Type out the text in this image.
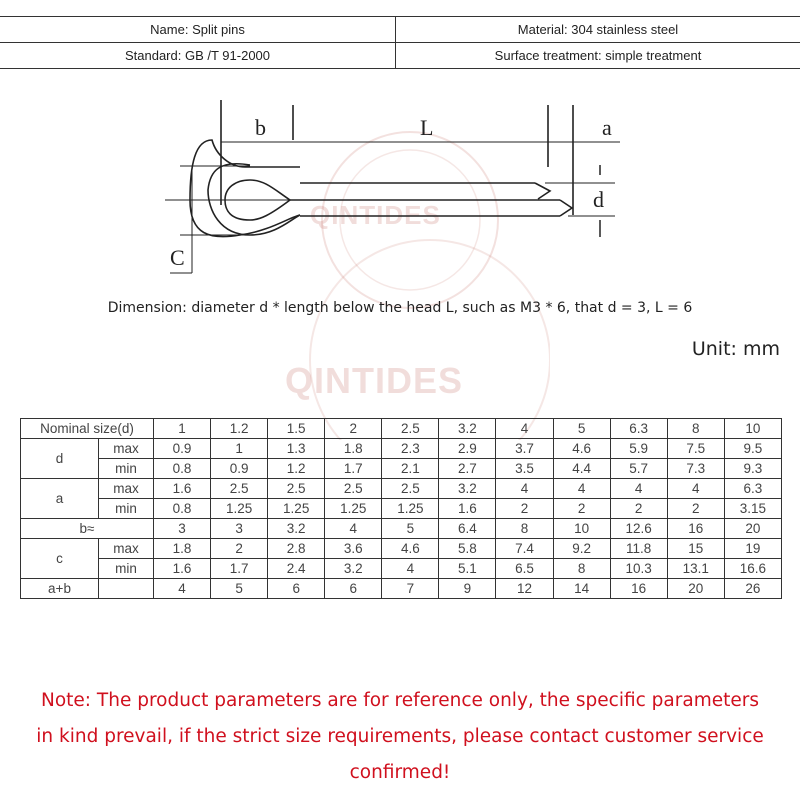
Name: Split pins	Material: 304 stainless steel
Standard: GB /T 91-2000	Surface treatment: simple treatment
QINTIDES
QINTIDES
b	L	a
d
C
Dimension: diameter d * length below the head L, such as M3 * 6, that d = 3, L = 6
Unit: mm
Nominal size(d)		1	1.2	1.5	2	2.5	3.2	4	5	6.3	8	10
d	max	0.9	1	1.3	1.8	2.3	2.9	3.7	4.6	5.9	7.5	9.5
	min	0.8	0.9	1.2	1.7	2.1	2.7	3.5	4.4	5.7	7.3	9.3
a	max	1.6	2.5	2.5	2.5	2.5	3.2	4	4	4	4	6.3
	min	0.8	1.25	1.25	1.25	1.25	1.6	2	2	2	2	3.15
b≈		3	3	3.2	4	5	6.4	8	10	12.6	16	20
c	max	1.8	2	2.8	3.6	4.6	5.8	7.4	9.2	11.8	15	19
	min	1.6	1.7	2.4	3.2	4	5.1	6.5	8	10.3	13.1	16.6
a+b		4	5	6	6	7	9	12	14	16	20	26
Note: The product parameters are for reference only, the specific parameters
in kind prevail, if the strict size requirements, please contact customer service
confirmed!
